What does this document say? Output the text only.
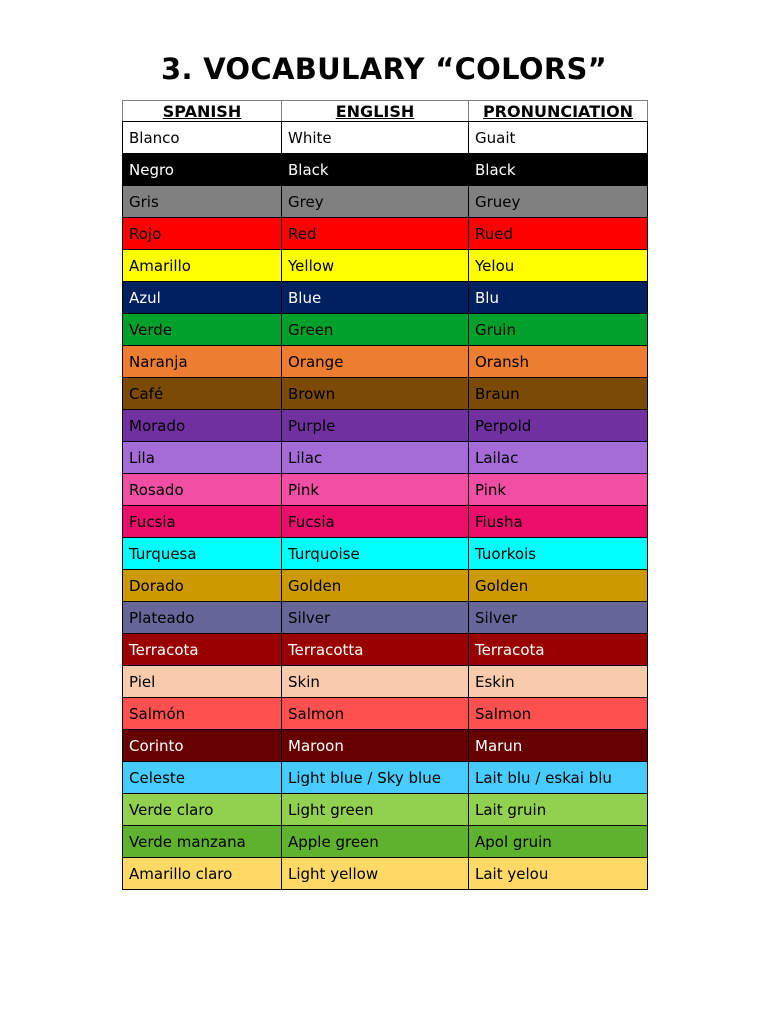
3. VOCABULARY “COLORS”
SPANISH	ENGLISH	PRONUNCIATION
Blanco	White	Guait
Negro	Black	Black
Gris	Grey	Gruey
Rojo	Red	Rued
Amarillo	Yellow	Yelou
Azul	Blue	Blu
Verde	Green	Gruin
Naranja	Orange	Oransh
Café	Brown	Braun
Morado	Purple	Perpold
Lila	Lilac	Lailac
Rosado	Pink	Pink
Fucsia	Fucsia	Fiusha
Turquesa	Turquoise	Tuorkois
Dorado	Golden	Golden
Plateado	Silver	Silver
Terracota	Terracotta	Terracota
Piel	Skin	Eskin
Salmón	Salmon	Salmon
Corinto	Maroon	Marun
Celeste	Light blue / Sky blue	Lait blu / eskai blu
Verde claro	Light green	Lait gruin
Verde manzana	Apple green	Apol gruin
Amarillo claro	Light yellow	Lait yelou
